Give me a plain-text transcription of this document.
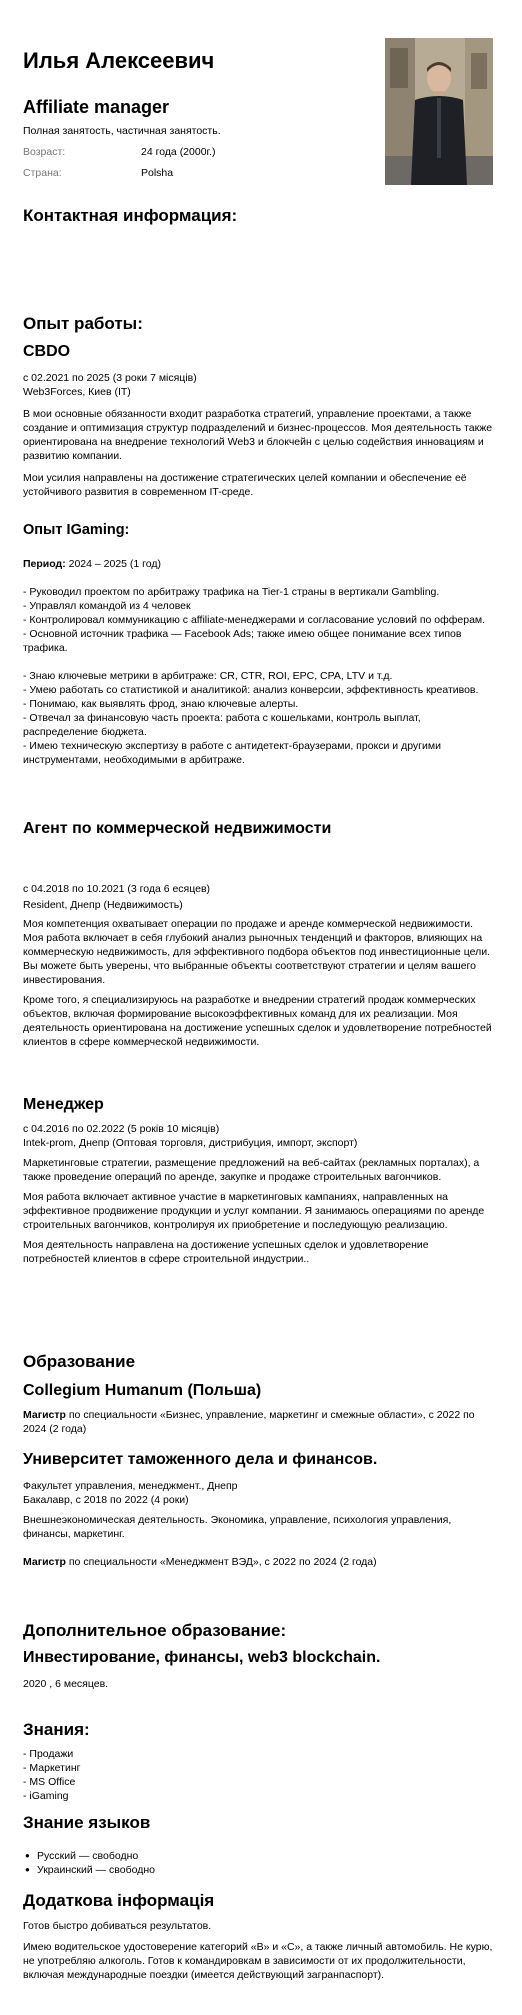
Илья Алексеевич
Affiliate manager
Полная занятость, частичная занятость.
Возраст:	24 года (2000г.)
Страна:	Polsha
Контактная информация:
Опыт работы:
CBDO

с 02.2021 по 2025 (3 роки 7 місяців)

Web3Forces, Киев (IT)

В мои основные обязанности входит разработка стратегий, управление проектами, а также создание и оптимизация структур подразделений и бизнес-процессов. Моя деятельность также ориентирована на внедрение технологий Web3 и блокчейн с целью содействия инновациям и развитию компании.

Мои усилия направлены на достижение стратегических целей компании и обеспечение её устойчивого развития в современном IT-среде.

Опыт IGaming:

Период: 2024 – 2025 (1 год)

- Руководил проектом по арбитражу трафика на Tier-1 страны в вертикали Gambling.

- Управлял командой из 4 человек

- Контролировал коммуникацию с affiliate-менеджерами и согласование условий по офферам.

- Основной источник трафика — Facebook Ads; также имею общее понимание всех типов трафика.

- Знаю ключевые метрики в арбитраже: CR, CTR, ROI, EPC, CPA, LTV и т.д.

- Умею работать со статистикой и аналитикой: анализ конверсии, эффективность креативов.

- Понимаю, как выявлять фрод, знаю ключевые алерты.

- Отвечал за финансовую часть проекта: работа с кошельками, контроль выплат, распределение бюджета.

- Имею техническую экспертизу в работе с антидетект-браузерами, прокси и другими инструментами, необходимыми в арбитраже.

Агент по коммерческой недвижимости

с 04.2018 по 10.2021 (3 года 6 есяцев)

Resident, Днепр (Недвижимость)

Моя компетенция охватывает операции по продаже и аренде коммерческой недвижимости.

Моя работа включает в себя глубокий анализ рыночных тенденций и факторов, влияющих на коммерческую недвижимость, для эффективного подбора объектов под инвестиционные цели. Вы можете быть уверены, что выбранные объекты соответствуют стратегии и целям вашего инвестирования.

Кроме того, я специализируюсь на разработке и внедрении стратегий продаж коммерческих объектов, включая формирование высокоэффективных команд для их реализации. Моя деятельность ориентирована на достижение успешных сделок и удовлетворение потребностей клиентов в сфере коммерческой недвижимости.

Менеджер

с 04.2016 по 02.2022 (5 років 10 місяців)

Intek-prom, Днепр (Оптовая торговля, дистрибуция, импорт, экспорт)

Маркетинговые стратегии, размещение предложений на веб-сайтах (рекламных порталах), а также проведение операций по аренде, закупке и продаже строительных вагончиков.

Моя работа включает активное участие в маркетинговых кампаниях, направленных на эффективное продвижение продукции и услуг компании. Я занимаюсь операциями по аренде строительных вагончиков, контролируя их приобретение и последующую реализацию.

Моя деятельность направлена на достижение успешных сделок и удовлетворение потребностей клиентов в сфере строительной индустрии..

Образование
Collegium Humanum (Польша)

Магистр по специальности «Бизнес, управление, маркетинг и смежные области», с 2022 по 2024 (2 года)

Университет таможенного дела и финансов.

Факультет управления, менеджмент., Днепр

Бакалавр, с 2018 по 2022 (4 роки)

Внешнеэкономическая деятельность. Экономика, управление, психология управления, финансы, маркетинг.

Магистр по специальности «Менеджмент ВЭД», с 2022 по 2024 (2 года)

Дополнительное образование:
Инвестирование, финансы, web3 blockchain.
2020 , 6 месяцев.
Знания:

- Продажи

- Маркетинг

- MS Office

- iGaming

Знание языков
● Русский — свободно
● Украинский — свободно
Додаткова інформація

Готов быстро добиваться результатов.

Имею водительское удостоверение категорий «B» и «C», а также личный автомобиль. Не курю, не употребляю алкоголь. Готов к командировкам в зависимости от их продолжительности, включая международные поездки (имеется действующий загранпаспорт).
